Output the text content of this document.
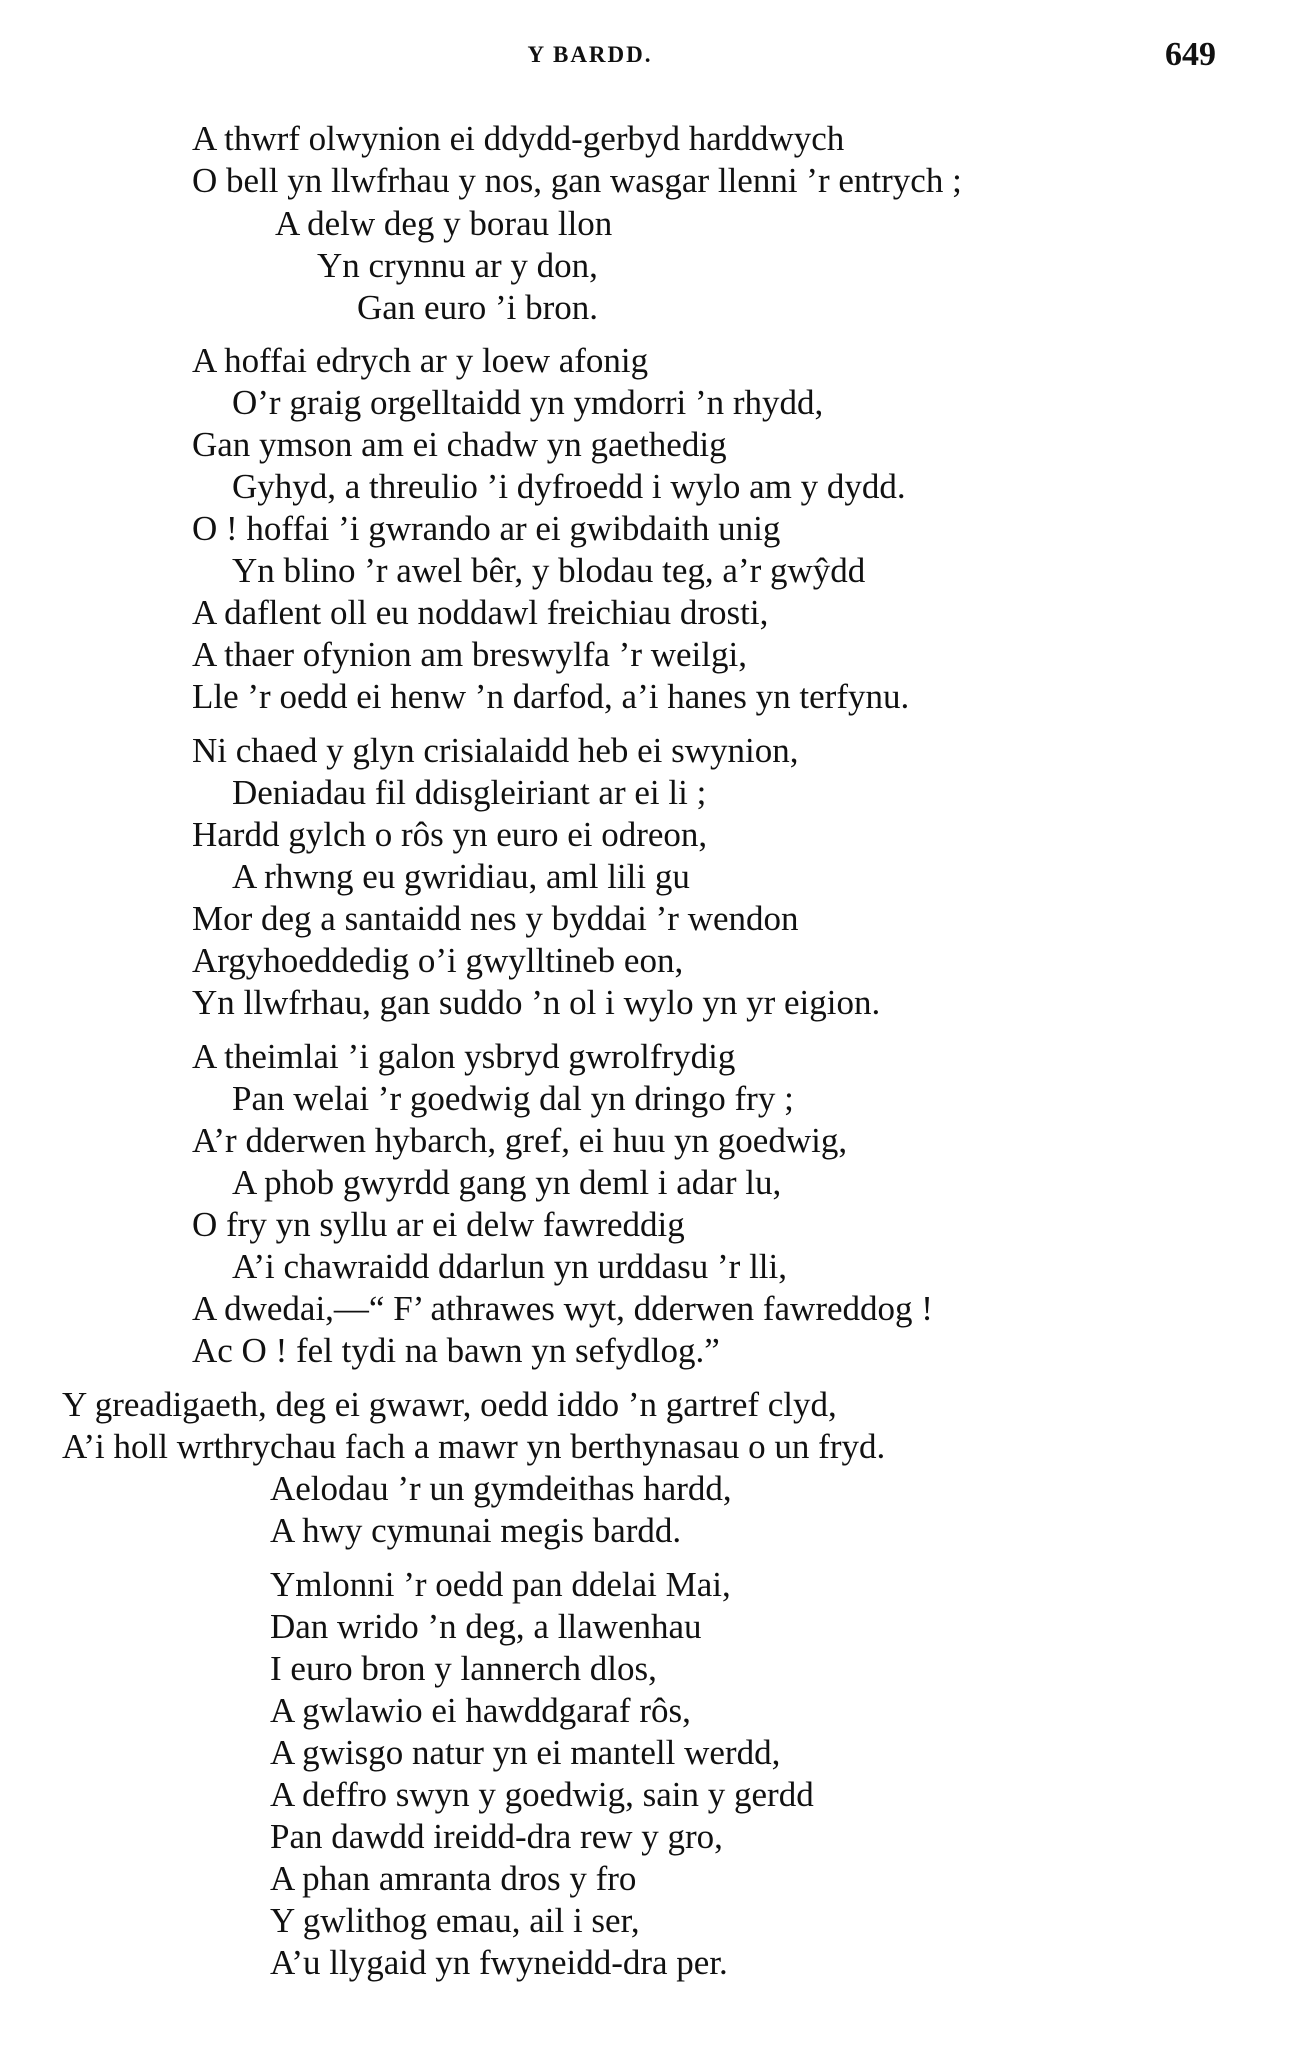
Y BARDD.	649
A thwrf olwynion ei ddydd-gerbyd harddwych
O bell yn llwfrhau y nos, gan wasgar llenni ’r entrych ;
A delw deg y borau llon
Yn crynnu ar y don,
Gan euro ’i bron.
A hoffai edrych ar y loew afonig
O’r graig orgelltaidd yn ymdorri ’n rhydd,
Gan ymson am ei chadw yn gaethedig
Gyhyd, a threulio ’i dyfroedd i wylo am y dydd.
O ! hoffai ’i gwrando ar ei gwibdaith unig
Yn blino ’r awel bêr, y blodau teg, a’r gwŷdd
A daflent oll eu noddawl freichiau drosti,
A thaer ofynion am breswylfa ’r weilgi,
Lle ’r oedd ei henw ’n darfod, a’i hanes yn terfynu.
Ni chaed y glyn crisialaidd heb ei swynion,
Deniadau fil ddisgleiriant ar ei li ;
Hardd gylch o rôs yn euro ei odreon,
A rhwng eu gwridiau, aml lili gu
Mor deg a santaidd nes y byddai ’r wendon
Argyhoeddedig o’i gwylltineb eon,
Yn llwfrhau, gan suddo ’n ol i wylo yn yr eigion.
A theimlai ’i galon ysbryd gwrolfrydig
Pan welai ’r goedwig dal yn dringo fry ;
A’r dderwen hybarch, gref, ei huu yn goedwig,
A phob gwyrdd gang yn deml i adar lu,
O fry yn syllu ar ei delw fawreddig
A’i chawraidd ddarlun yn urddasu ’r lli,
A dwedai,—“ F’ athrawes wyt, dderwen fawreddog !
Ac O ! fel tydi na bawn yn sefydlog.”
Y greadigaeth, deg ei gwawr, oedd iddo ’n gartref clyd,
A’i holl wrthrychau fach a mawr yn berthynasau o un fryd.
Aelodau ’r un gymdeithas hardd,
A hwy cymunai megis bardd.
Ymlonni ’r oedd pan ddelai Mai,
Dan wrido ’n deg, a llawenhau
I euro bron y lannerch dlos,
A gwlawio ei hawddgaraf rôs,
A gwisgo natur yn ei mantell werdd,
A deffro swyn y goedwig, sain y gerdd
Pan dawdd ireidd-dra rew y gro,
A phan amranta dros y fro
Y gwlithog emau, ail i ser,
A’u llygaid yn fwyneidd-dra per.
